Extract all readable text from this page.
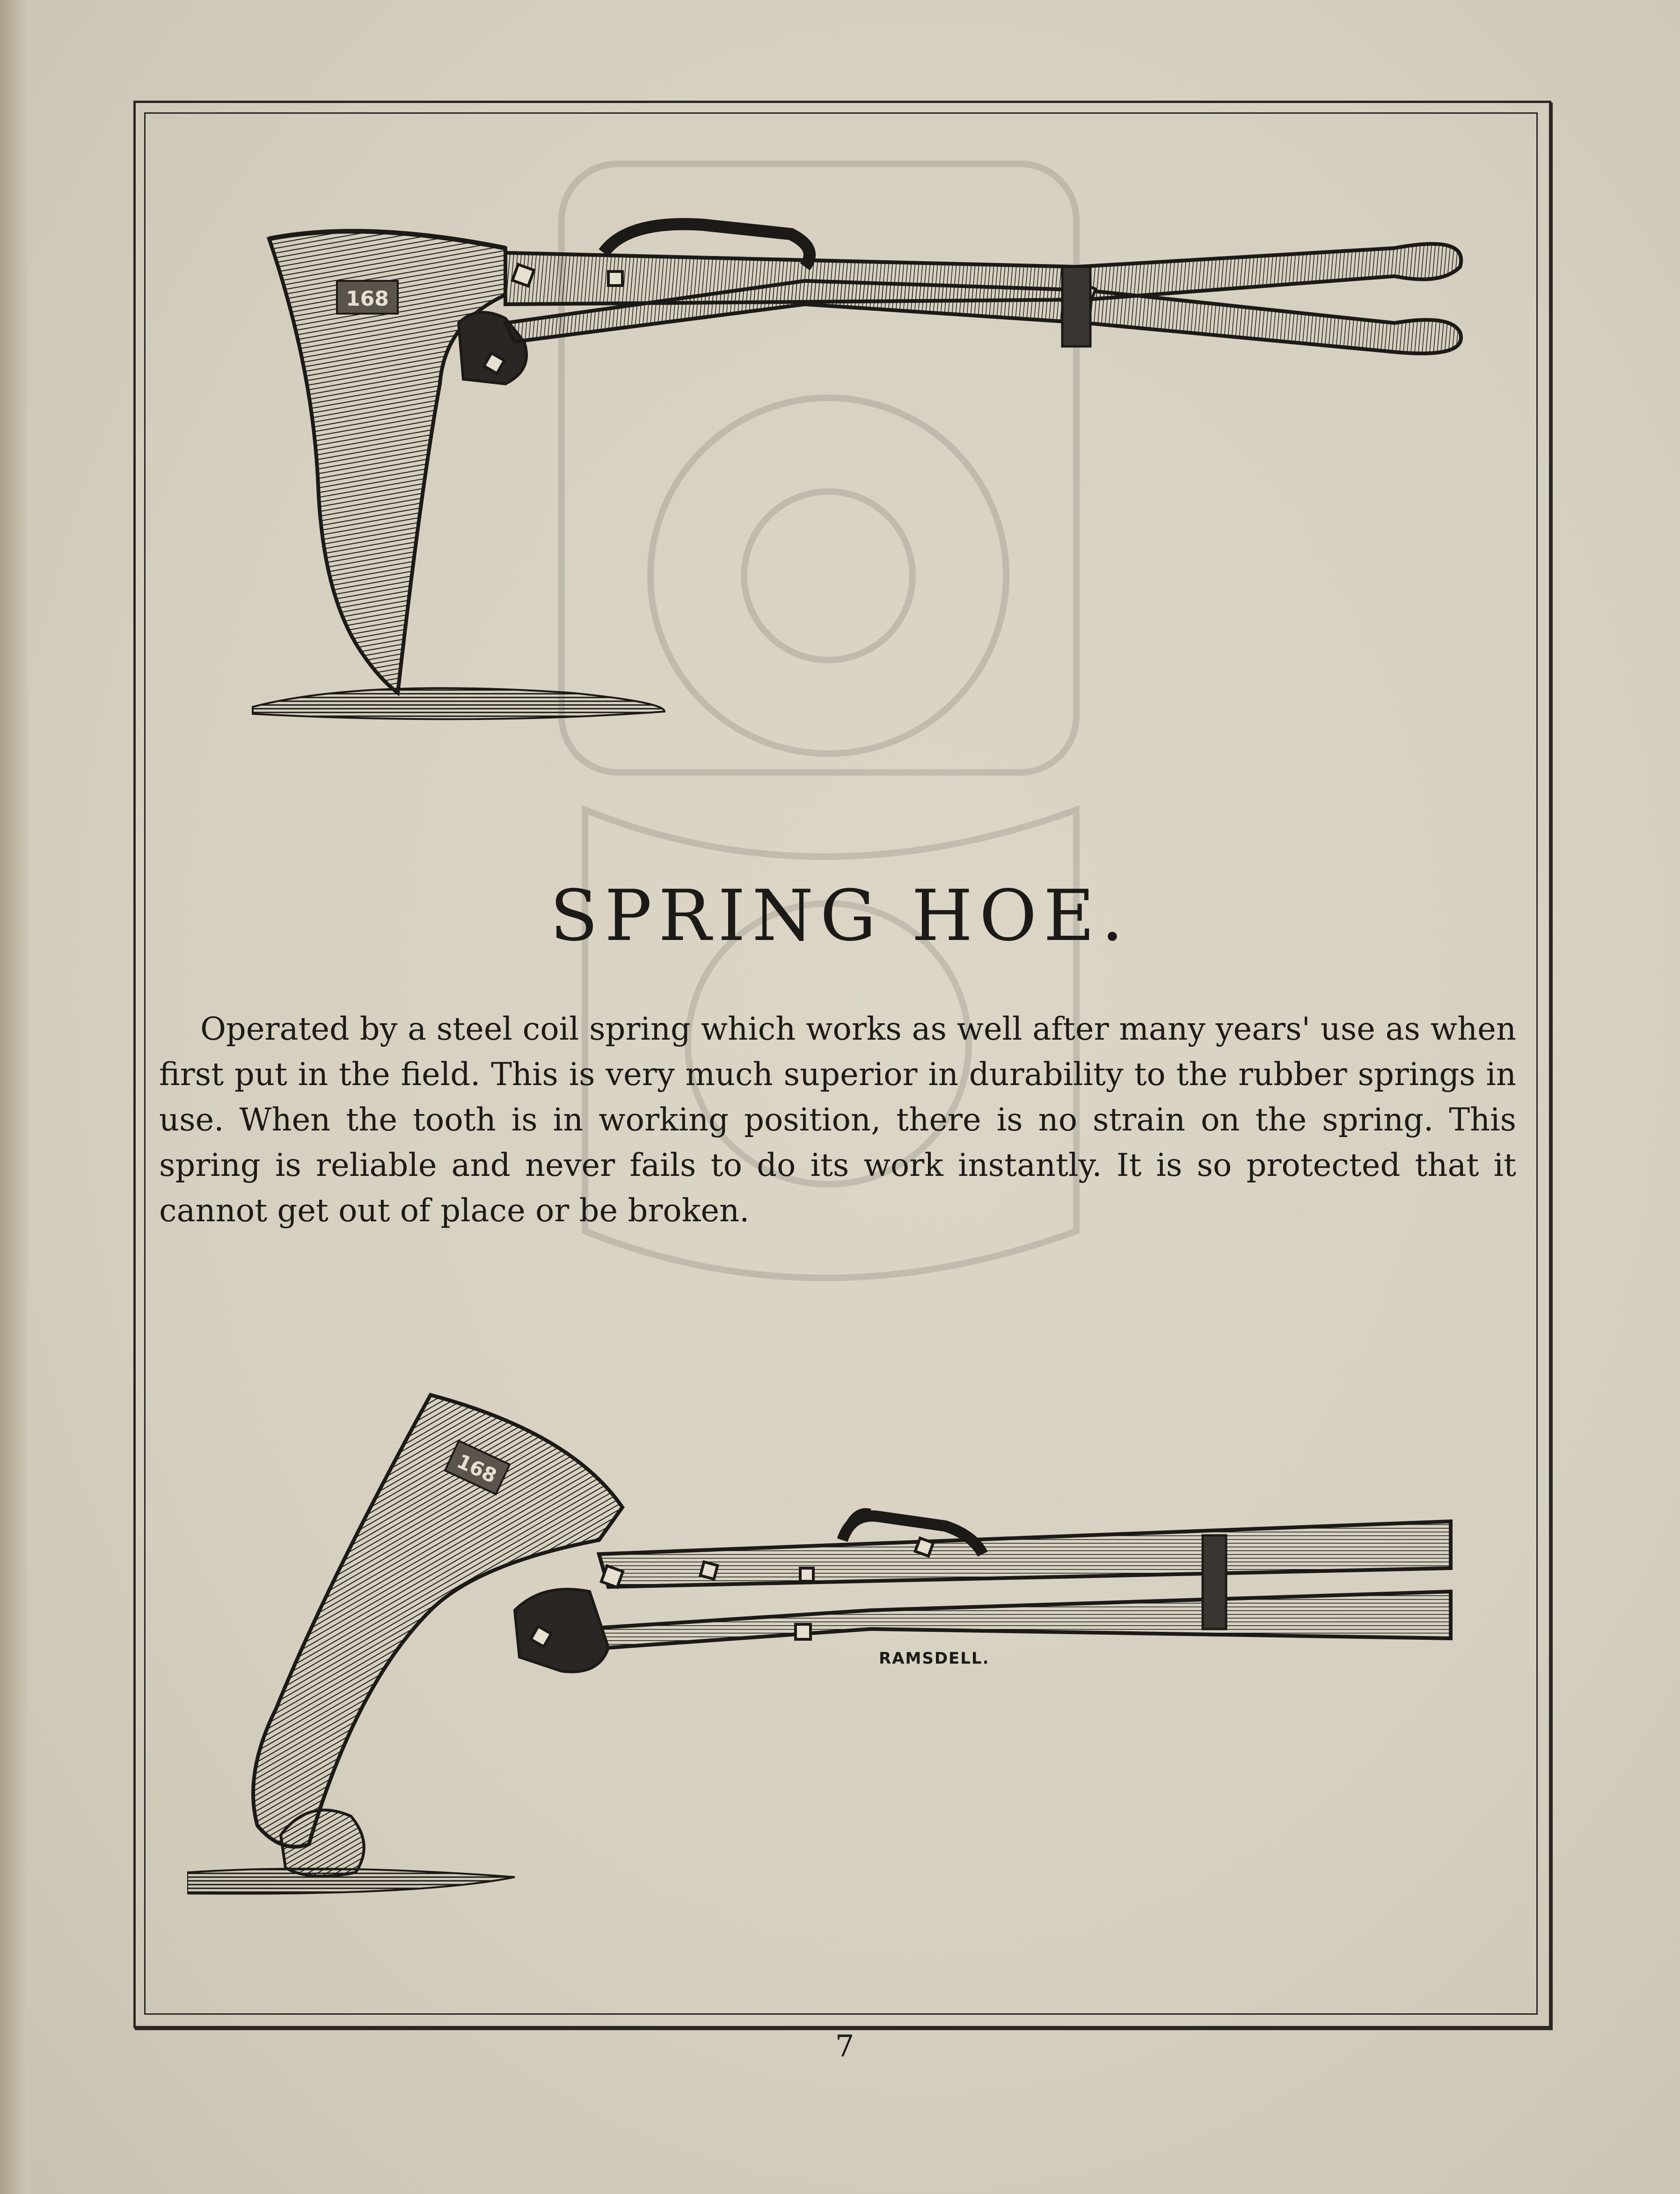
168

SPRING HOE.
Operated by a steel coil spring which works as well after many years' use as when first put in the field. This is very much superior in durability to the rubber springs in use. When the tooth is in working position, there is no strain on the spring. This spring is reliable and never fails to do its work instantly. It is so protected that it cannot get out of place or be broken.
168
RAMSDELL.
7
